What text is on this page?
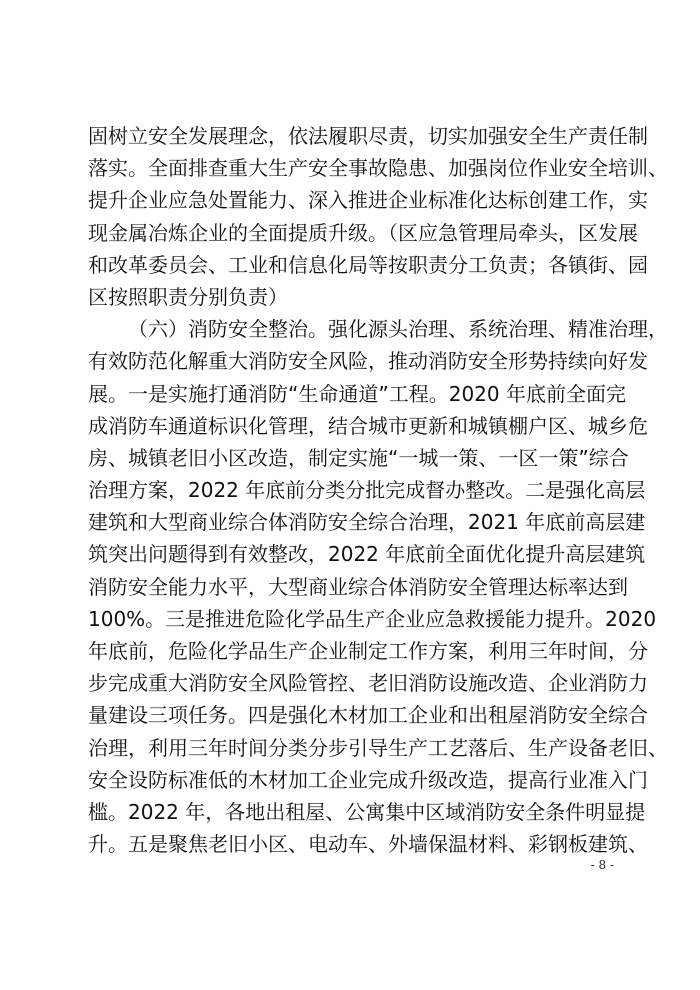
固树立安全发展理念，依法履职尽责，切实加强安全生产责任制
落实。全面排查重大生产安全事故隐患、加强岗位作业安全培训、
提升企业应急处置能力、深入推进企业标准化达标创建工作，实
现金属冶炼企业的全面提质升级。（区应急管理局牵头，区发展
和改革委员会、工业和信息化局等按职责分工负责；各镇街、园
区按照职责分别负责）
（六）消防安全整治。强化源头治理、系统治理、精准治理，
有效防范化解重大消防安全风险，推动消防安全形势持续向好发
展。一是实施打通消防“生命通道”工程。2020 年底前全面完
成消防车通道标识化管理，结合城市更新和城镇棚户区、城乡危
房、城镇老旧小区改造，制定实施“一城一策、一区一策”综合
治理方案，2022 年底前分类分批完成督办整改。二是强化高层
建筑和大型商业综合体消防安全综合治理，2021 年底前高层建
筑突出问题得到有效整改，2022 年底前全面优化提升高层建筑
消防安全能力水平，大型商业综合体消防安全管理达标率达到
100%。三是推进危险化学品生产企业应急救援能力提升。2020
年底前，危险化学品生产企业制定工作方案，利用三年时间，分
步完成重大消防安全风险管控、老旧消防设施改造、企业消防力
量建设三项任务。四是强化木材加工企业和出租屋消防安全综合
治理，利用三年时间分类分步引导生产工艺落后、生产设备老旧、
安全设防标准低的木材加工企业完成升级改造，提高行业准入门
槛。2022 年，各地出租屋、公寓集中区域消防安全条件明显提
升。五是聚焦老旧小区、电动车、外墙保温材料、彩钢板建筑、
- 8 -
